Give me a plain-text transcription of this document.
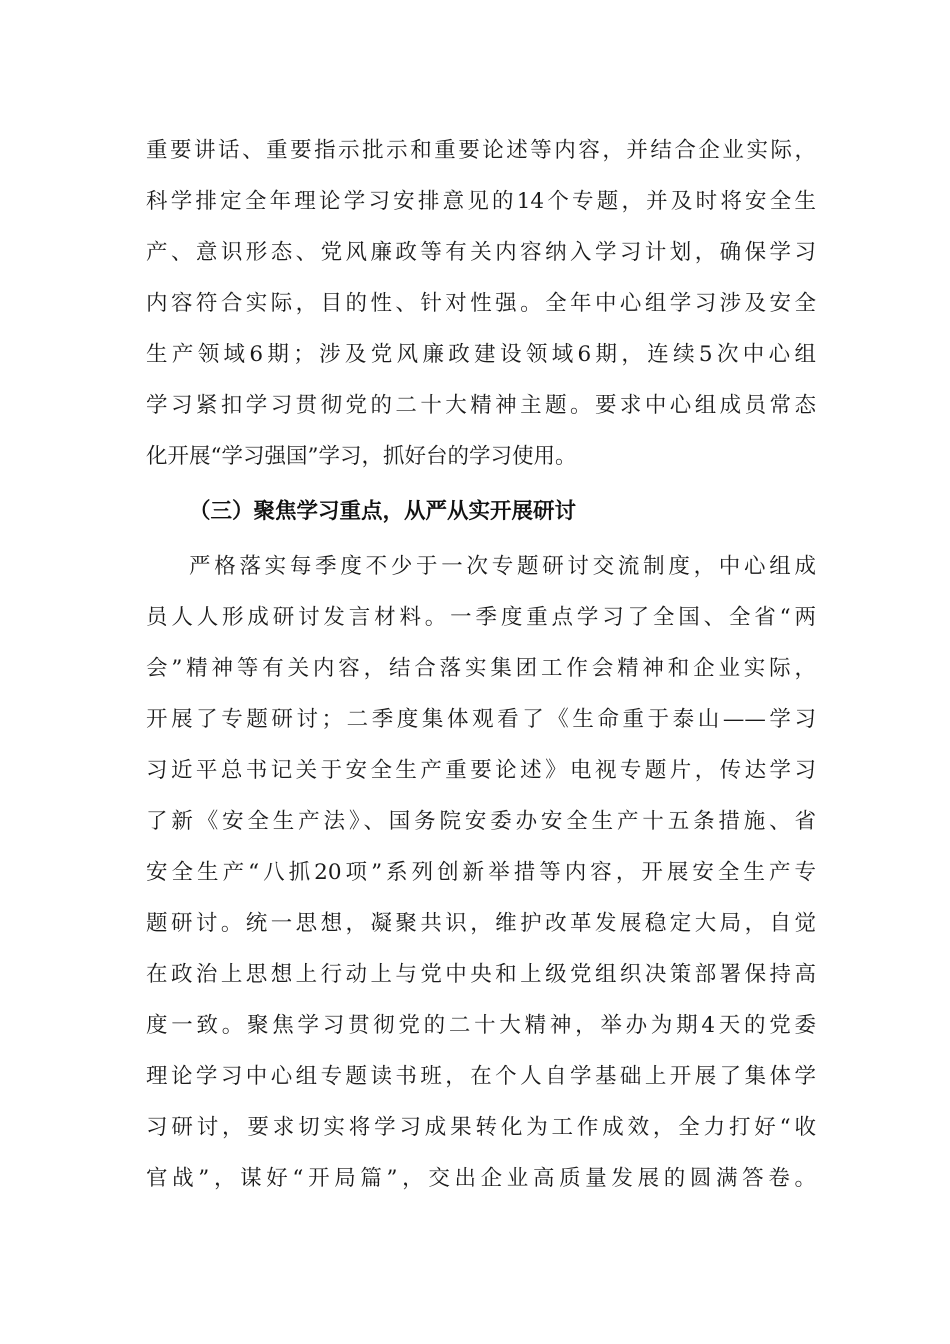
重要讲话、重要指示批示和重要论述等内容，并结合企业实际，
科学排定全年理论学习安排意见的14个专题，并及时将安全生
产、意识形态、党风廉政等有关内容纳入学习计划，确保学习
内容符合实际，目的性、针对性强。全年中心组学习涉及安全
生产领域6期；涉及党风廉政建设领域6期，连续5次中心组
学习紧扣学习贯彻党的二十大精神主题。要求中心组成员常态
化开展“学习强国”学习，抓好台的学习使用。
（三）聚焦学习重点，从严从实开展研讨
严格落实每季度不少于一次专题研讨交流制度，中心组成
员人人形成研讨发言材料。一季度重点学习了全国、全省“两
会”精神等有关内容，结合落实集团工作会精神和企业实际，
开展了专题研讨；二季度集体观看了《生命重于泰山——学习
习近平总书记关于安全生产重要论述》电视专题片，传达学习
了新《安全生产法》、国务院安委办安全生产十五条措施、省
安全生产“八抓20项”系列创新举措等内容，开展安全生产专
题研讨。统一思想，凝聚共识，维护改革发展稳定大局，自觉
在政治上思想上行动上与党中央和上级党组织决策部署保持高
度一致。聚焦学习贯彻党的二十大精神，举办为期4天的党委
理论学习中心组专题读书班，在个人自学基础上开展了集体学
习研讨，要求切实将学习成果转化为工作成效，全力打好“收
官战”，谋好“开局篇”，交出企业高质量发展的圆满答卷。
